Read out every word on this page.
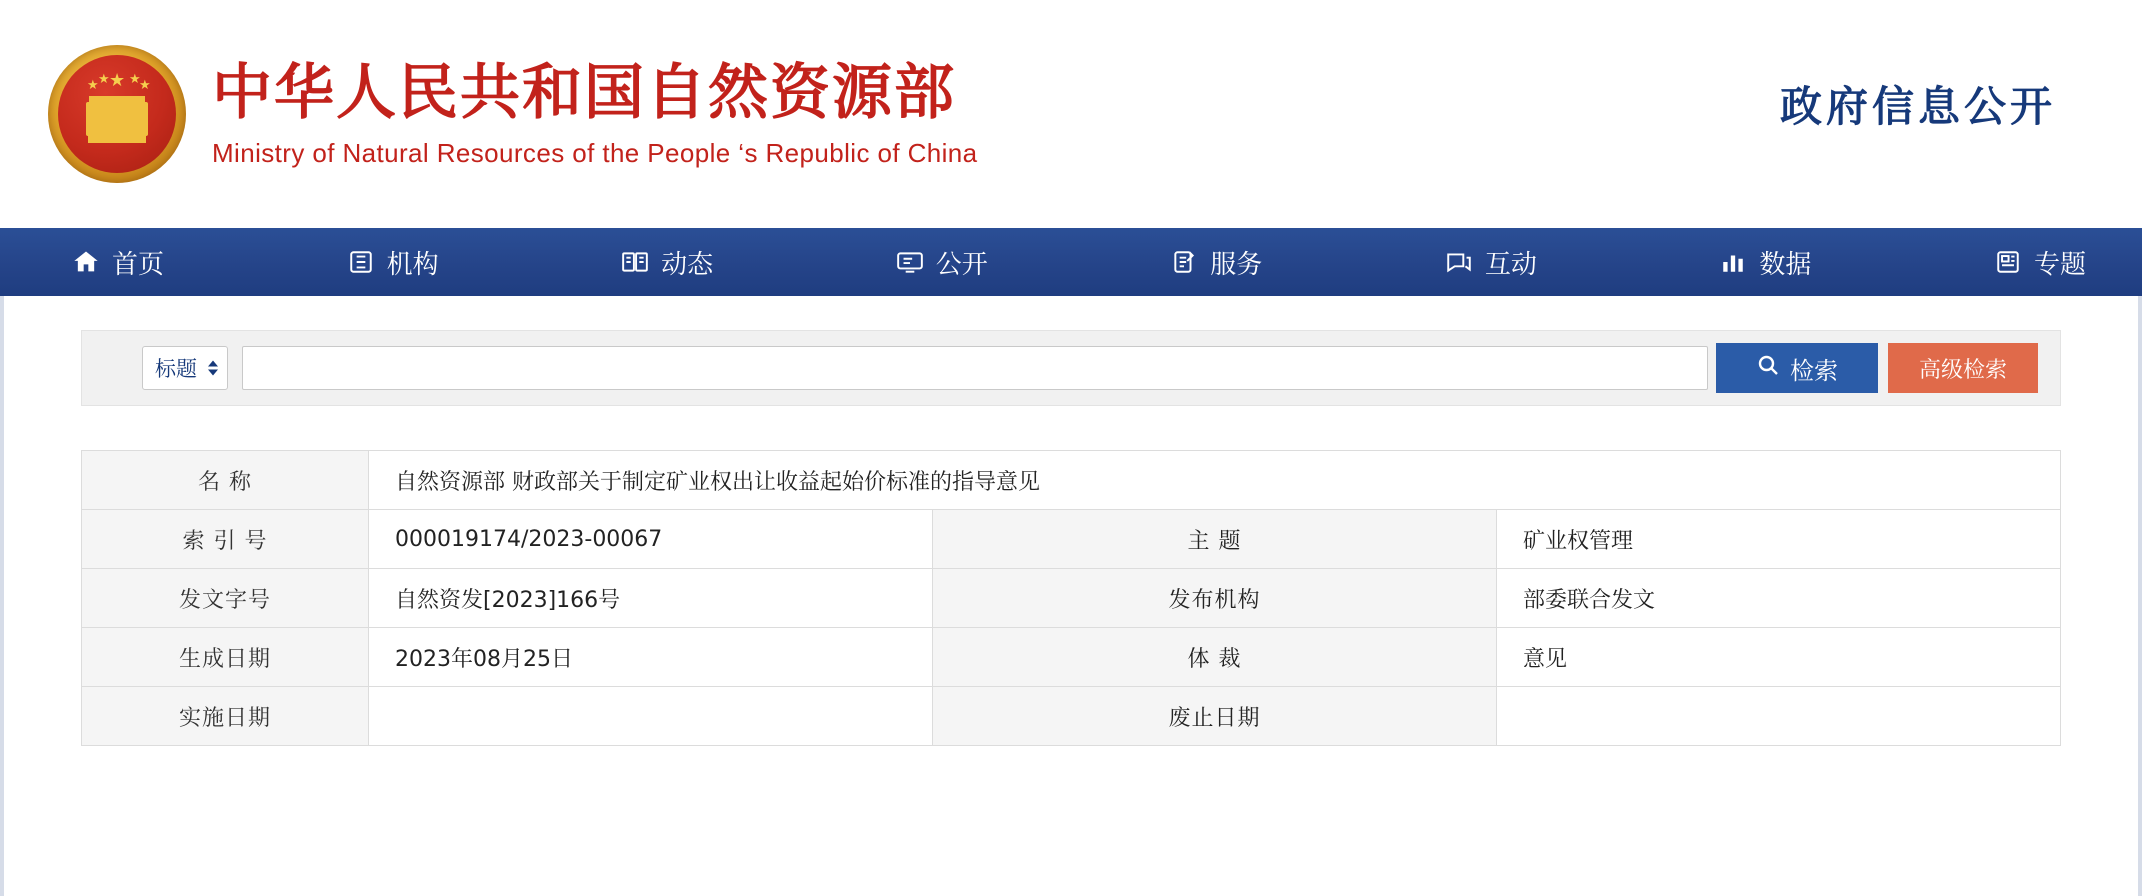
★
★ ★ ★
★ 中华人民共和国自然资源部
Ministry of Natural Resources of the People ‘s Republic of China
政府信息公开
首页	机构	动态	公开	服务	互动	数据	专题
标题	检索	高级检索
名 称	自然资源部 财政部关于制定矿业权出让收益起始价标准的指导意见		
索 引 号	000019174/2023-00067	主 题	矿业权管理
发文字号	自然资发[2023]166号	发布机构	部委联合发文
生成日期	2023年08月25日	体 裁	意见
实施日期		废止日期	
